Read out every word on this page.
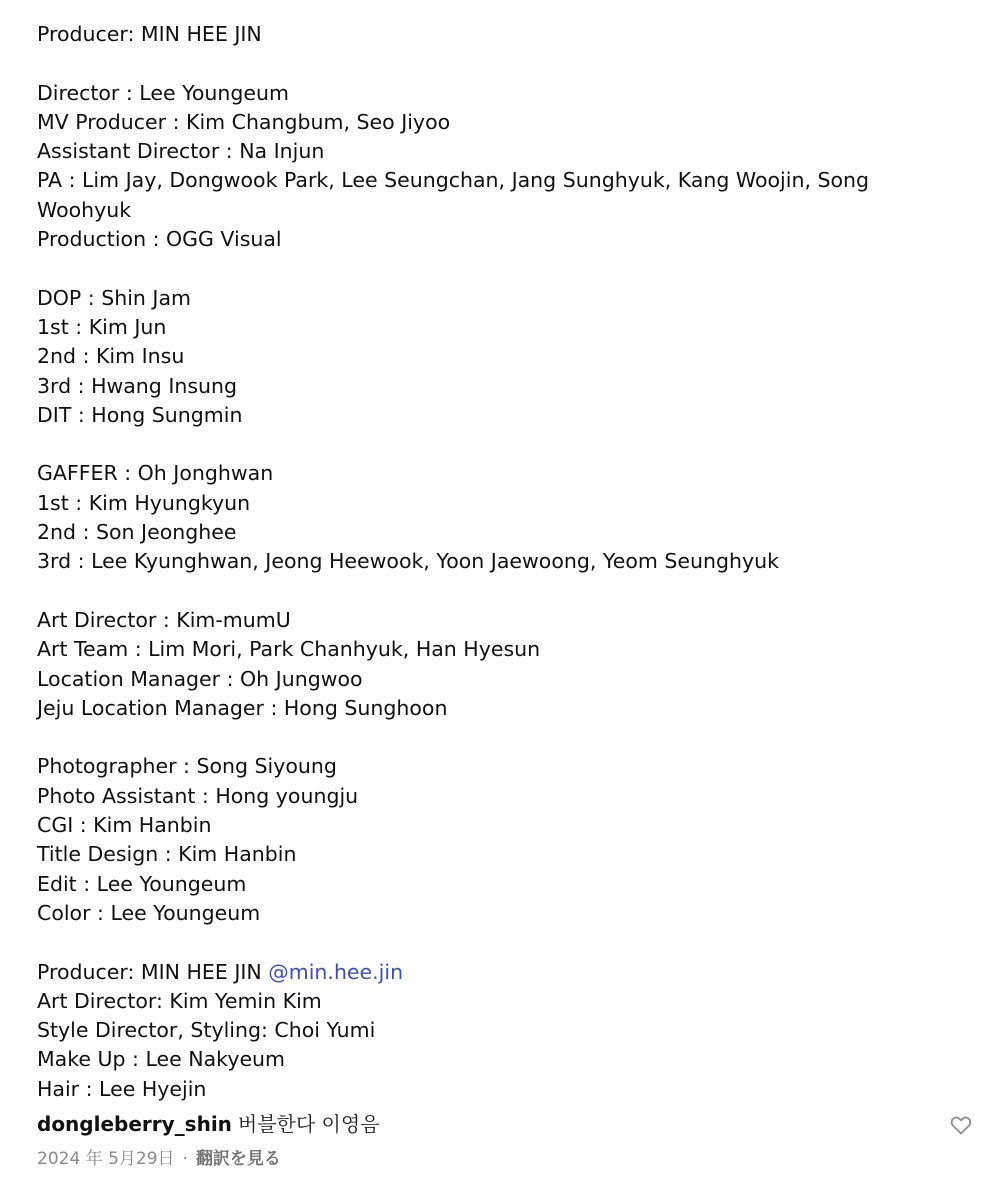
Producer: MIN HEE JIN
Director : Lee Youngeum
MV Producer : Kim Changbum, Seo Jiyoo
Assistant Director : Na Injun
PA : Lim Jay, Dongwook Park, Lee Seungchan, Jang Sunghyuk, Kang Woojin, Song Woohyuk
Production : OGG Visual
DOP : Shin Jam
1st : Kim Jun
2nd : Kim Insu
3rd : Hwang Insung
DIT : Hong Sungmin
GAFFER : Oh Jonghwan
1st : Kim Hyungkyun
2nd : Son Jeonghee
3rd : Lee Kyunghwan, Jeong Heewook, Yoon Jaewoong, Yeom Seunghyuk
Art Director : Kim-mumU
Art Team : Lim Mori, Park Chanhyuk, Han Hyesun
Location Manager : Oh Jungwoo
Jeju Location Manager : Hong Sunghoon
Photographer : Song Siyoung
Photo Assistant : Hong youngju
CGI : Kim Hanbin
Title Design : Kim Hanbin
Edit : Lee Youngeum
Color : Lee Youngeum
Producer: MIN HEE JIN @min.hee.jin
Art Director: Kim Yemin Kim
Style Director, Styling: Choi Yumi
Make Up : Lee Nakyeum
Hair : Lee Hyejin
dongleberry_shin 버블한다 이영음
2024 年 5月29日 · 翻訳を見る
